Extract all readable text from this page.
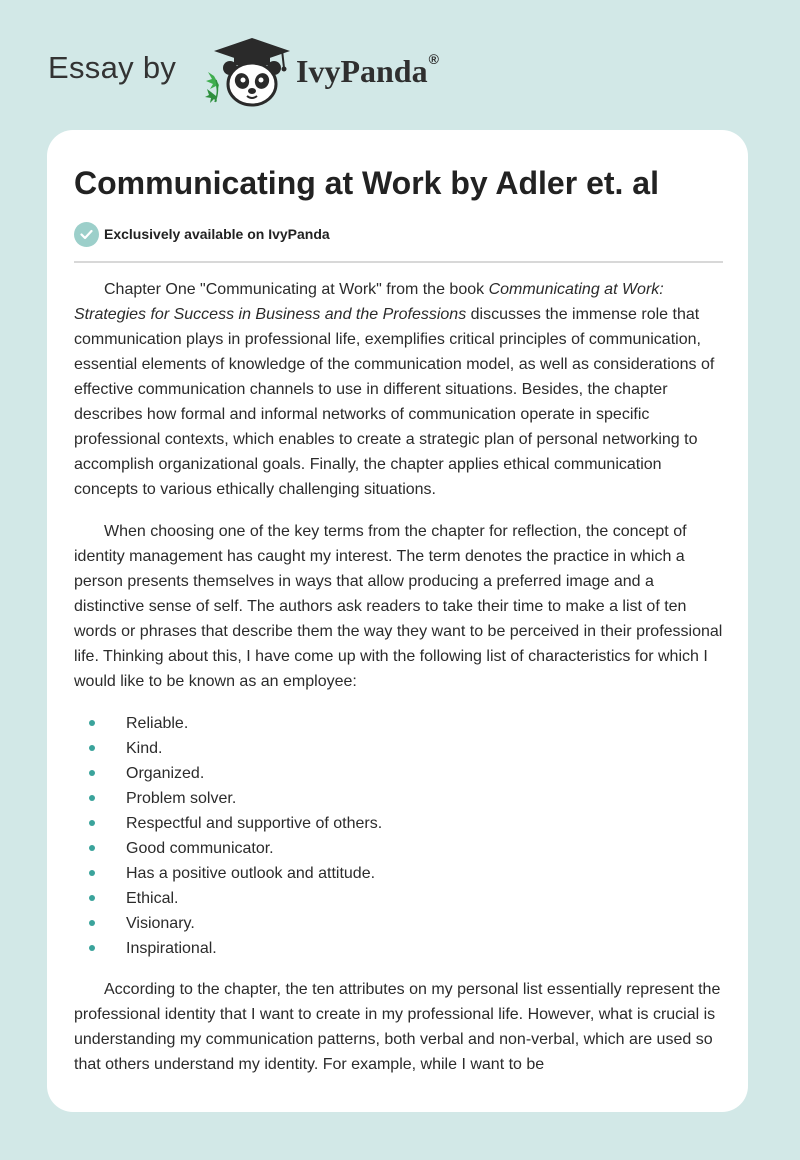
Essay by	IvyPanda®
Communicating at Work by Adler et. al
Exclusively available on IvyPanda

Chapter One "Communicating at Work" from the book Communicating at Work: Strategies for Success in Business and the Professions discusses the immense role that communication plays in professional life, exemplifies critical principles of communication, essential elements of knowledge of the communication model, as well as considerations of effective communication channels to use in different situations. Besides, the chapter describes how formal and informal networks of communication operate in specific professional contexts, which enables to create a strategic plan of personal networking to accomplish organizational goals. Finally, the chapter applies ethical communication concepts to various ethically challenging situations.

When choosing one of the key terms from the chapter for reflection, the concept of identity management has caught my interest. The term denotes the practice in which a person presents themselves in ways that allow producing a preferred image and a distinctive sense of self. The authors ask readers to take their time to make a list of ten words or phrases that describe them the way they want to be perceived in their professional life. Thinking about this, I have come up with the following list of characteristics for which I would like to be known as an employee:

Reliable.
Kind.
Organized.
Problem solver.
Respectful and supportive of others.
Good communicator.
Has a positive outlook and attitude.
Ethical.
Visionary.
Inspirational.

According to the chapter, the ten attributes on my personal list essentially represent the professional identity that I want to create in my professional life. However, what is crucial is understanding my communication patterns, both verbal and non-verbal, which are used so that others understand my identity. For example, while I want to be
